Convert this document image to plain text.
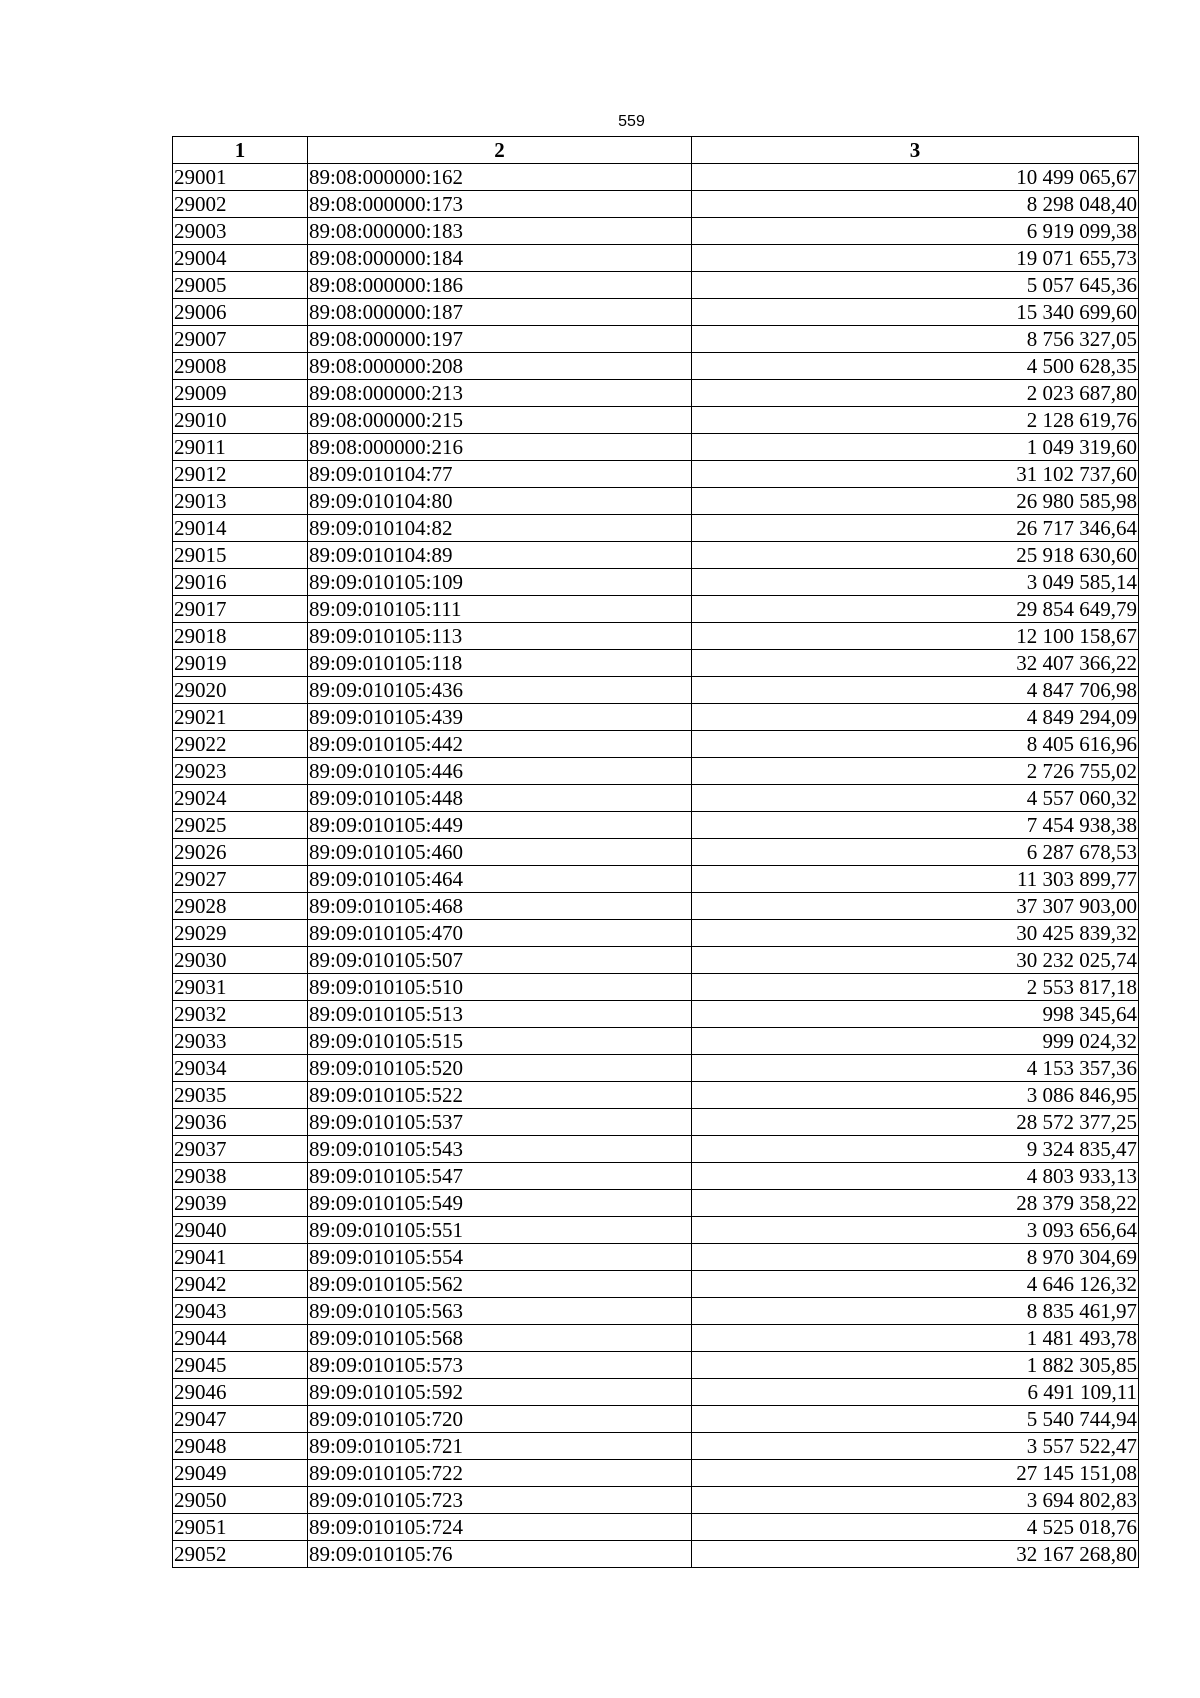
559
1	2	3
29001	89:08:000000:162	10 499 065,67
29002	89:08:000000:173	8 298 048,40
29003	89:08:000000:183	6 919 099,38
29004	89:08:000000:184	19 071 655,73
29005	89:08:000000:186	5 057 645,36
29006	89:08:000000:187	15 340 699,60
29007	89:08:000000:197	8 756 327,05
29008	89:08:000000:208	4 500 628,35
29009	89:08:000000:213	2 023 687,80
29010	89:08:000000:215	2 128 619,76
29011	89:08:000000:216	1 049 319,60
29012	89:09:010104:77	31 102 737,60
29013	89:09:010104:80	26 980 585,98
29014	89:09:010104:82	26 717 346,64
29015	89:09:010104:89	25 918 630,60
29016	89:09:010105:109	3 049 585,14
29017	89:09:010105:111	29 854 649,79
29018	89:09:010105:113	12 100 158,67
29019	89:09:010105:118	32 407 366,22
29020	89:09:010105:436	4 847 706,98
29021	89:09:010105:439	4 849 294,09
29022	89:09:010105:442	8 405 616,96
29023	89:09:010105:446	2 726 755,02
29024	89:09:010105:448	4 557 060,32
29025	89:09:010105:449	7 454 938,38
29026	89:09:010105:460	6 287 678,53
29027	89:09:010105:464	11 303 899,77
29028	89:09:010105:468	37 307 903,00
29029	89:09:010105:470	30 425 839,32
29030	89:09:010105:507	30 232 025,74
29031	89:09:010105:510	2 553 817,18
29032	89:09:010105:513	998 345,64
29033	89:09:010105:515	999 024,32
29034	89:09:010105:520	4 153 357,36
29035	89:09:010105:522	3 086 846,95
29036	89:09:010105:537	28 572 377,25
29037	89:09:010105:543	9 324 835,47
29038	89:09:010105:547	4 803 933,13
29039	89:09:010105:549	28 379 358,22
29040	89:09:010105:551	3 093 656,64
29041	89:09:010105:554	8 970 304,69
29042	89:09:010105:562	4 646 126,32
29043	89:09:010105:563	8 835 461,97
29044	89:09:010105:568	1 481 493,78
29045	89:09:010105:573	1 882 305,85
29046	89:09:010105:592	6 491 109,11
29047	89:09:010105:720	5 540 744,94
29048	89:09:010105:721	3 557 522,47
29049	89:09:010105:722	27 145 151,08
29050	89:09:010105:723	3 694 802,83
29051	89:09:010105:724	4 525 018,76
29052	89:09:010105:76	32 167 268,80
